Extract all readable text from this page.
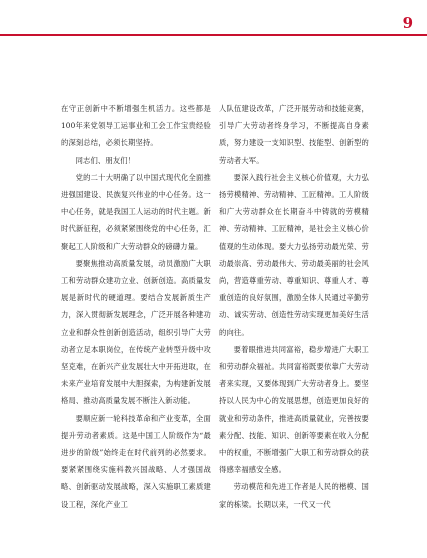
9

在守正创新中不断增强生机活力。这些都是100年来党领导工运事业和工会工作宝贵经验的深刻总结，必须长期坚持。

同志们、朋友们！

党的二十大明确了以中国式现代化全面推进强国建设、民族复兴伟业的中心任务。这一中心任务，就是我国工人运动的时代主题。新时代新征程，必须紧紧围绕党的中心任务，汇聚起工人阶级和广大劳动群众的磅礴力量。

要聚焦推动高质量发展，动员激励广大职工和劳动群众建功立业、创新创造。高质量发展是新时代的硬道理。要结合发展新质生产力，深入贯彻新发展理念，广泛开展各种建功立业和群众性创新创造活动，组织引导广大劳动者立足本职岗位，在传统产业转型升级中攻坚克难，在新兴产业发展壮大中开拓进取，在未来产业培育发展中大胆探索，为构建新发展格局、推动高质量发展不断注入新动能。

要顺应新一轮科技革命和产业变革，全面提升劳动者素质。这是中国工人阶级作为“最进步的阶级”始终走在时代前列的必然要求。要紧紧围绕实施科教兴国战略、人才强国战略、创新驱动发展战略，深入实施职工素质建设工程，深化产业工

人队伍建设改革，广泛开展劳动和技能竞赛，引导广大劳动者终身学习，不断提高自身素质，努力建设一支知识型、技能型、创新型的劳动者大军。

要深入践行社会主义核心价值观，大力弘扬劳模精神、劳动精神、工匠精神。工人阶级和广大劳动群众在长期奋斗中铸就的劳模精神、劳动精神、工匠精神，是社会主义核心价值观的生动体现。要大力弘扬劳动最光荣、劳动最崇高、劳动最伟大、劳动最美丽的社会风尚，营造尊重劳动、尊重知识、尊重人才、尊重创造的良好氛围，激励全体人民通过辛勤劳动、诚实劳动、创造性劳动实现更加美好生活的向往。

要着眼推进共同富裕，稳步增进广大职工和劳动群众福祉。共同富裕既要依靠广大劳动者来实现，又要体现到广大劳动者身上。要坚持以人民为中心的发展思想，创造更加良好的就业和劳动条件，推进高质量就业，完善按要素分配、技能、知识、创新等要素在收入分配中的权重，不断增强广大职工和劳动群众的获得感幸福感安全感。

劳动模范和先进工作者是人民的楷模、国家的栋梁。长期以来，一代又一代
